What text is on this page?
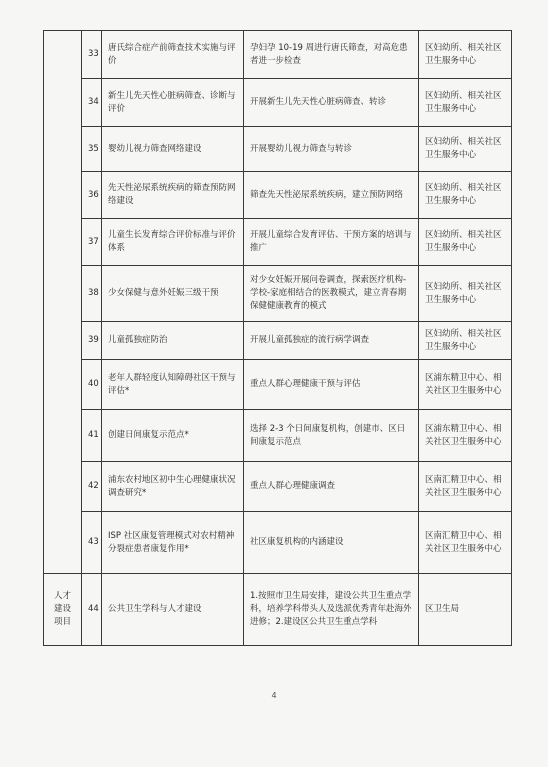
	33	唐氏综合症产前筛查技术实施与评价	孕妇孕 10-19 周进行唐氏筛查，对高危患者进一步检查	区妇幼所、相关社区卫生服务中心
	34	新生儿先天性心脏病筛查、诊断与评价	开展新生儿先天性心脏病筛查、转诊	区妇幼所、相关社区卫生服务中心
	35	婴幼儿视力筛查网络建设	开展婴幼儿视力筛查与转诊	区妇幼所、相关社区卫生服务中心
	36	先天性泌尿系统疾病的筛查预防网络建设	筛查先天性泌尿系统疾病，建立预防网络	区妇幼所、相关社区卫生服务中心
	37	儿童生长发育综合评价标准与评价体系	开展儿童综合发育评估、干预方案的培训与推广	区妇幼所、相关社区卫生服务中心
	38	少女保健与意外妊娠三级干预	对少女妊娠开展问卷调查，探索医疗机构-学校-家庭相结合的医教模式，建立青春期保健健康教育的模式	区妇幼所、相关社区卫生服务中心
	39	儿童孤独症防治	开展儿童孤独症的流行病学调查	区妇幼所、相关社区卫生服务中心
	40	老年人群轻度认知障碍社区干预与评估*	重点人群心理健康干预与评估	区浦东精卫中心、相关社区卫生服务中心
	41	创建日间康复示范点*	选择 2-3 个日间康复机构，创建市、区日间康复示范点	区浦东精卫中心、相关社区卫生服务中心
	42	浦东农村地区初中生心理健康状况调查研究*	重点人群心理健康调查	区南汇精卫中心、相关社区卫生服务中心
	43	ISP 社区康复管理模式对农村精神分裂症患者康复作用*	社区康复机构的内涵建设	区南汇精卫中心、相关社区卫生服务中心
人才建设项目	44	公共卫生学科与人才建设	1.按照市卫生局安排，建设公共卫生重点学科，培养学科带头人及选派优秀青年赴海外进修；2.建设区公共卫生重点学科	区卫生局
4
